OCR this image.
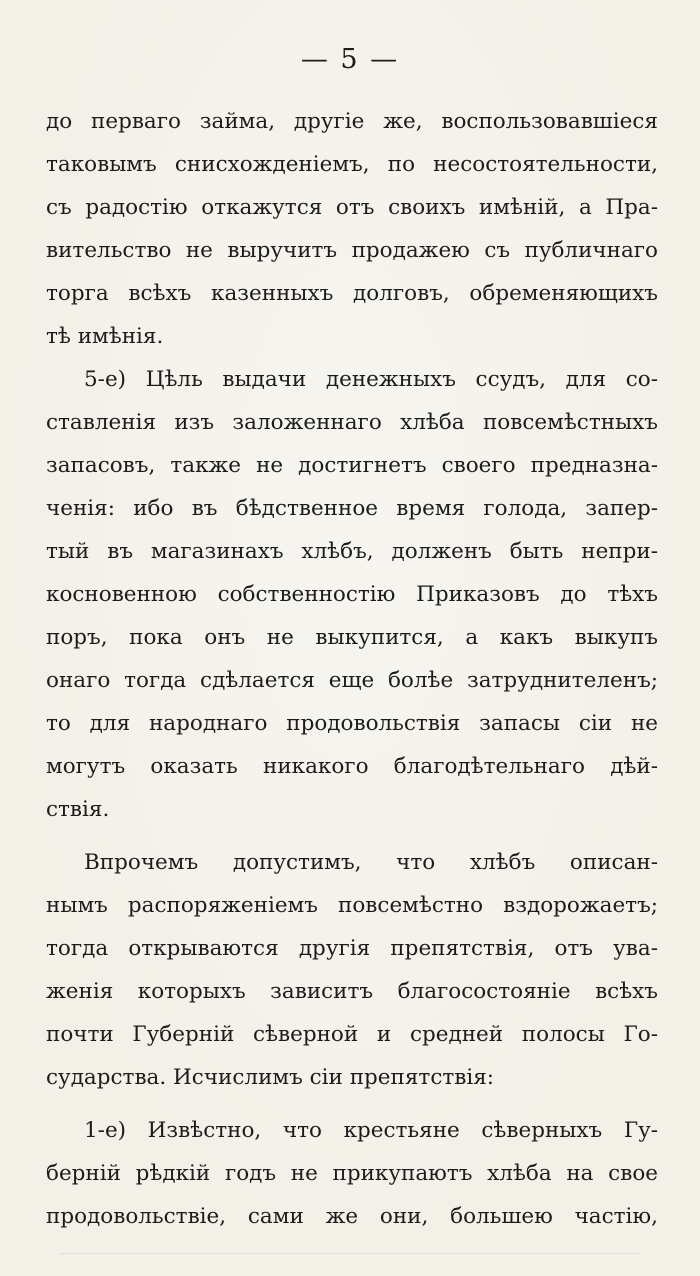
— 5 —
до перваго займа, другіе же, воспользовавшіеся
таковымъ снисхожденіемъ, по несостоятельности,
съ радостію откажутся отъ своихъ имѣній, а Пра-
вительство не выручитъ продажею съ публичнаго
торга всѣхъ казенныхъ долговъ, обременяющихъ
тѣ имѣнія.
5-е) Цѣль выдачи денежныхъ ссудъ, для со-
ставленія изъ заложеннаго хлѣба повсемѣстныхъ
запасовъ, также не достигнетъ своего предназна-
ченія: ибо въ бѣдственное время голода, запер-
тый въ магазинахъ хлѣбъ, долженъ быть непри-
косновенною собственностію Приказовъ до тѣхъ
поръ, пока онъ не выкупится, а какъ выкупъ
онаго тогда сдѣлается еще болѣе затруднителенъ;
то для народнаго продовольствія запасы сіи не
могутъ оказать никакого благодѣтельнаго дѣй-
ствія.
Впрочемъ допустимъ, что хлѣбъ описан-
нымъ распоряженіемъ повсемѣстно вздорожаетъ;
тогда открываются другія препятствія, отъ ува-
женія которыхъ зависитъ благосостояніе всѣхъ
почти Губерній сѣверной и средней полосы Го-
сударства. Исчислимъ сіи препятствія:
1-е) Извѣстно, что крестьяне сѣверныхъ Гу-
берній рѣдкій годъ не прикупаютъ хлѣба на свое
продовольствіе, сами же они, большею частію,
